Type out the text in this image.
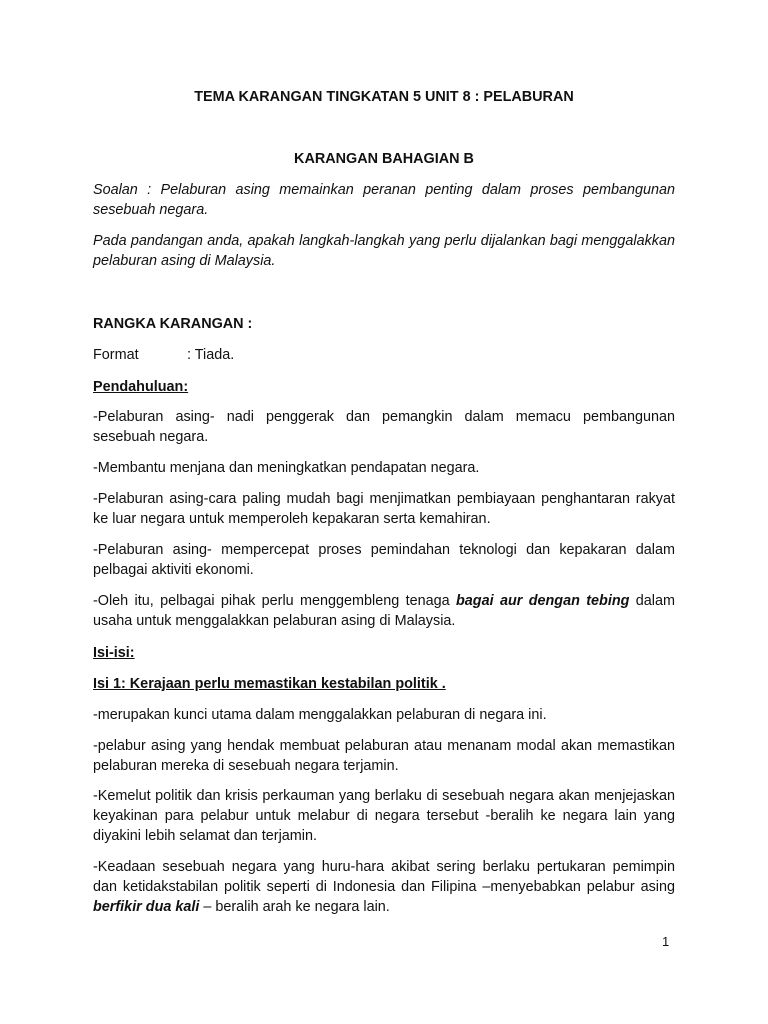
TEMA KARANGAN TINGKATAN 5 UNIT 8 : PELABURAN
KARANGAN BAHAGIAN B
Soalan : Pelaburan asing memainkan peranan penting dalam proses pembangunan sesebuah negara.
Pada pandangan anda, apakah langkah-langkah yang perlu dijalankan bagi menggalakkan pelaburan asing di Malaysia.
RANGKA KARANGAN :
Format	: Tiada.
Pendahuluan:
-Pelaburan asing- nadi penggerak dan pemangkin dalam memacu pembangunan sesebuah negara.
-Membantu menjana dan meningkatkan pendapatan negara.
-Pelaburan asing-cara paling mudah bagi menjimatkan pembiayaan penghantaran rakyat ke luar negara untuk memperoleh kepakaran serta kemahiran.
-Pelaburan asing- mempercepat proses pemindahan teknologi dan kepakaran dalam pelbagai aktiviti ekonomi.
-Oleh itu, pelbagai pihak perlu menggembleng tenaga bagai aur dengan tebing dalam usaha untuk menggalakkan pelaburan asing di Malaysia.
Isi-isi:
Isi 1: Kerajaan perlu memastikan kestabilan politik .
-merupakan kunci utama dalam menggalakkan pelaburan di negara ini.
-pelabur asing yang hendak membuat pelaburan atau menanam modal akan memastikan pelaburan mereka di sesebuah negara terjamin.
-Kemelut politik dan krisis perkauman yang berlaku di sesebuah negara akan menjejaskan keyakinan para pelabur untuk melabur di negara tersebut -beralih ke negara lain yang diyakini lebih selamat dan terjamin.
-Keadaan sesebuah negara yang huru-hara akibat sering berlaku pertukaran pemimpin dan ketidakstabilan politik seperti di Indonesia dan Filipina –menyebabkan pelabur asing berfikir dua kali – beralih arah ke negara lain.
1
